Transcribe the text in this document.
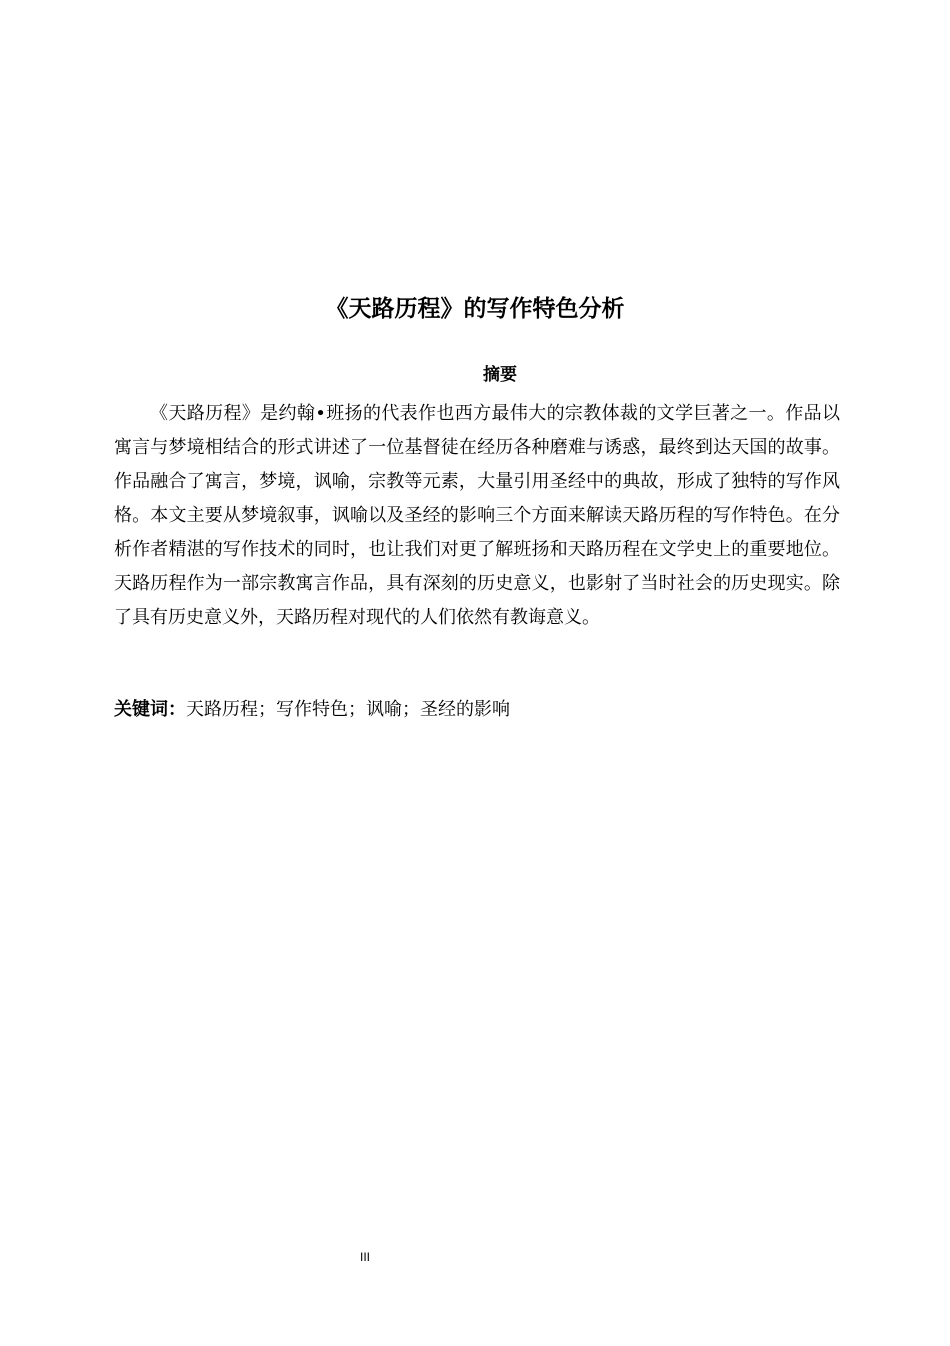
《天路历程》的写作特色分析
摘要

《天路历程》是约翰•班扬的代表作也西方最伟大的宗教体裁的文学巨著之一。作品以寓言与梦境相结合的形式讲述了一位基督徒在经历各种磨难与诱惑，最终到达天国的故事。作品融合了寓言，梦境，讽喻，宗教等元素，大量引用圣经中的典故，形成了独特的写作风格。本文主要从梦境叙事，讽喻以及圣经的影响三个方面来解读天路历程的写作特色。在分析作者精湛的写作技术的同时，也让我们对更了解班扬和天路历程在文学史上的重要地位。天路历程作为一部宗教寓言作品，具有深刻的历史意义，也影射了当时社会的历史现实。除了具有历史意义外，天路历程对现代的人们依然有教诲意义。

关键词：天路历程；写作特色；讽喻；圣经的影响
III
